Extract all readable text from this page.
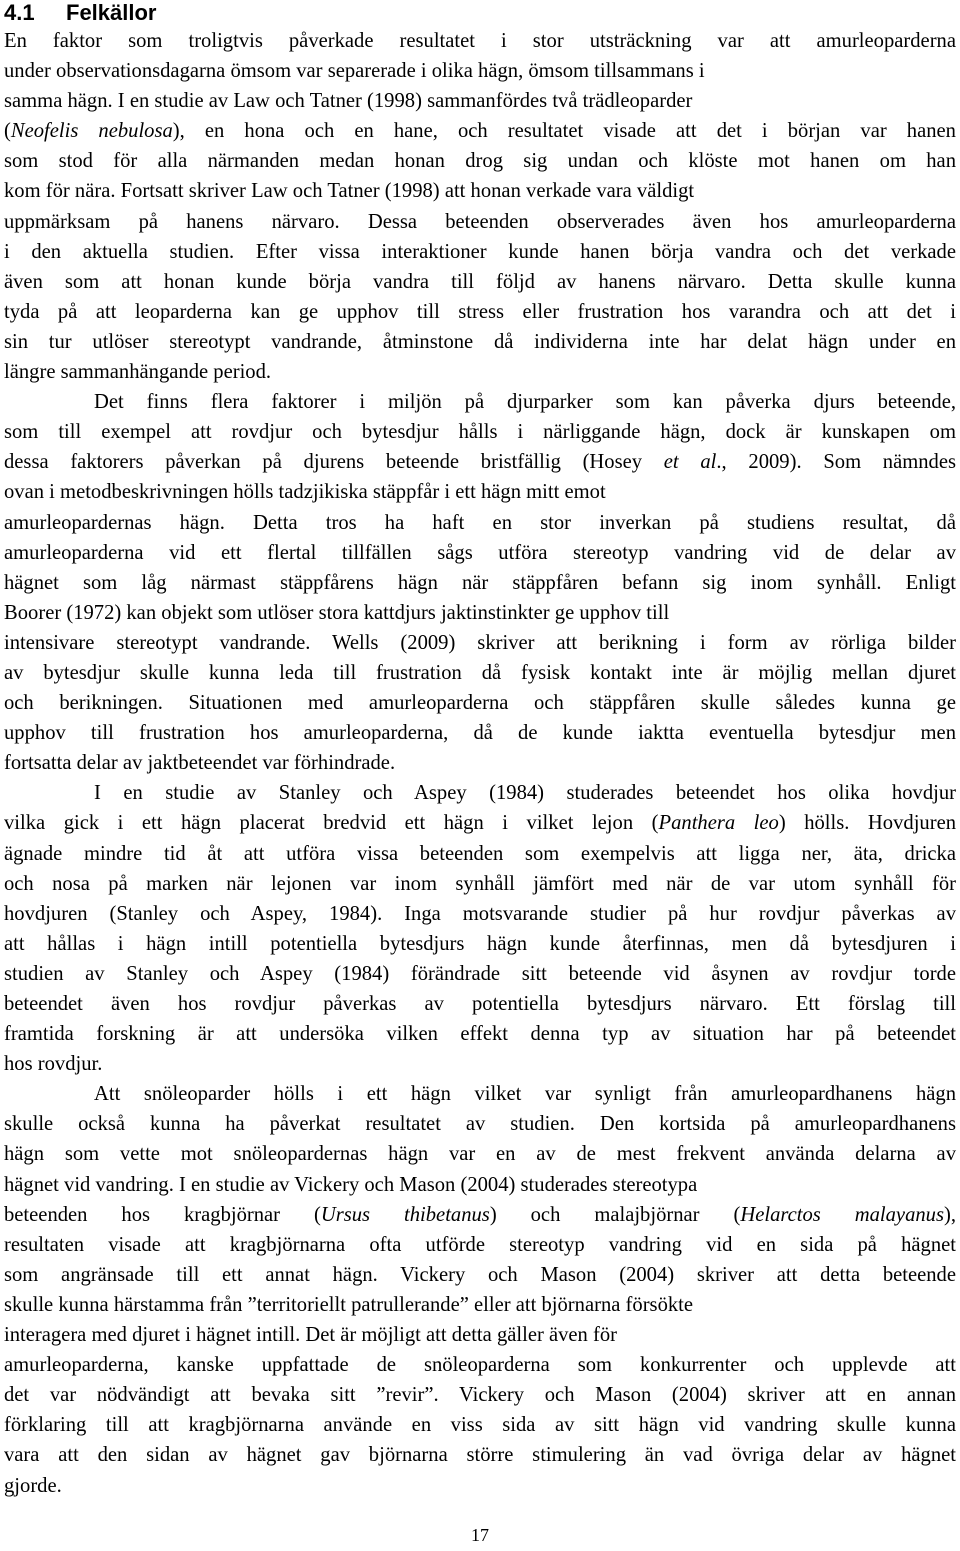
4.1 Felkällor
En faktor som troligtvis påverkade resultatet i stor utsträckning var att amurleoparderna
under observationsdagarna ömsom var separerade i olika hägn, ömsom tillsammans i
samma hägn. I en studie av Law och Tatner (1998) sammanfördes två trädleoparder
(Neofelis nebulosa), en hona och en hane, och resultatet visade att det i början var hanen
som stod för alla närmanden medan honan drog sig undan och klöste mot hanen om han
kom för nära. Fortsatt skriver Law och Tatner (1998) att honan verkade vara väldigt
uppmärksam på hanens närvaro. Dessa beteenden observerades även hos amurleoparderna
i den aktuella studien. Efter vissa interaktioner kunde hanen börja vandra och det verkade
även som att honan kunde börja vandra till följd av hanens närvaro. Detta skulle kunna
tyda på att leoparderna kan ge upphov till stress eller frustration hos varandra och att det i
sin tur utlöser stereotypt vandrande, åtminstone då individerna inte har delat hägn under en
längre sammanhängande period.
Det finns flera faktorer i miljön på djurparker som kan påverka djurs beteende,
som till exempel att rovdjur och bytesdjur hålls i närliggande hägn, dock är kunskapen om
dessa faktorers påverkan på djurens beteende bristfällig (Hosey et al., 2009). Som nämndes
ovan i metodbeskrivningen hölls tadzjikiska stäppfår i ett hägn mitt emot
amurleopardernas hägn. Detta tros ha haft en stor inverkan på studiens resultat, då
amurleoparderna vid ett flertal tillfällen sågs utföra stereotyp vandring vid de delar av
hägnet som låg närmast stäppfårens hägn när stäppfåren befann sig inom synhåll. Enligt
Boorer (1972) kan objekt som utlöser stora kattdjurs jaktinstinkter ge upphov till
intensivare stereotypt vandrande. Wells (2009) skriver att berikning i form av rörliga bilder
av bytesdjur skulle kunna leda till frustration då fysisk kontakt inte är möjlig mellan djuret
och berikningen. Situationen med amurleoparderna och stäppfåren skulle således kunna ge
upphov till frustration hos amurleoparderna, då de kunde iaktta eventuella bytesdjur men
fortsatta delar av jaktbeteendet var förhindrade.
I en studie av Stanley och Aspey (1984) studerades beteendet hos olika hovdjur
vilka gick i ett hägn placerat bredvid ett hägn i vilket lejon (Panthera leo) hölls. Hovdjuren
ägnade mindre tid åt att utföra vissa beteenden som exempelvis att ligga ner, äta, dricka
och nosa på marken när lejonen var inom synhåll jämfört med när de var utom synhåll för
hovdjuren (Stanley och Aspey, 1984). Inga motsvarande studier på hur rovdjur påverkas av
att hållas i hägn intill potentiella bytesdjurs hägn kunde återfinnas, men då bytesdjuren i
studien av Stanley och Aspey (1984) förändrade sitt beteende vid åsynen av rovdjur torde
beteendet även hos rovdjur påverkas av potentiella bytesdjurs närvaro. Ett förslag till
framtida forskning är att undersöka vilken effekt denna typ av situation har på beteendet
hos rovdjur.
Att snöleoparder hölls i ett hägn vilket var synligt från amurleopardhanens hägn
skulle också kunna ha påverkat resultatet av studien. Den kortsida på amurleopardhanens
hägn som vette mot snöleopardernas hägn var en av de mest frekvent använda delarna av
hägnet vid vandring. I en studie av Vickery och Mason (2004) studerades stereotypa
beteenden hos kragbjörnar (Ursus thibetanus) och malajbjörnar (Helarctos malayanus),
resultaten visade att kragbjörnarna ofta utförde stereotyp vandring vid en sida på hägnet
som angränsade till ett annat hägn. Vickery och Mason (2004) skriver att detta beteende
skulle kunna härstamma från ”territoriellt patrullerande” eller att björnarna försökte
interagera med djuret i hägnet intill. Det är möjligt att detta gäller även för
amurleoparderna, kanske uppfattade de snöleoparderna som konkurrenter och upplevde att
det var nödvändigt att bevaka sitt ”revir”. Vickery och Mason (2004) skriver att en annan
förklaring till att kragbjörnarna använde en viss sida av sitt hägn vid vandring skulle kunna
vara att den sidan av hägnet gav björnarna större stimulering än vad övriga delar av hägnet
gjorde.
17
